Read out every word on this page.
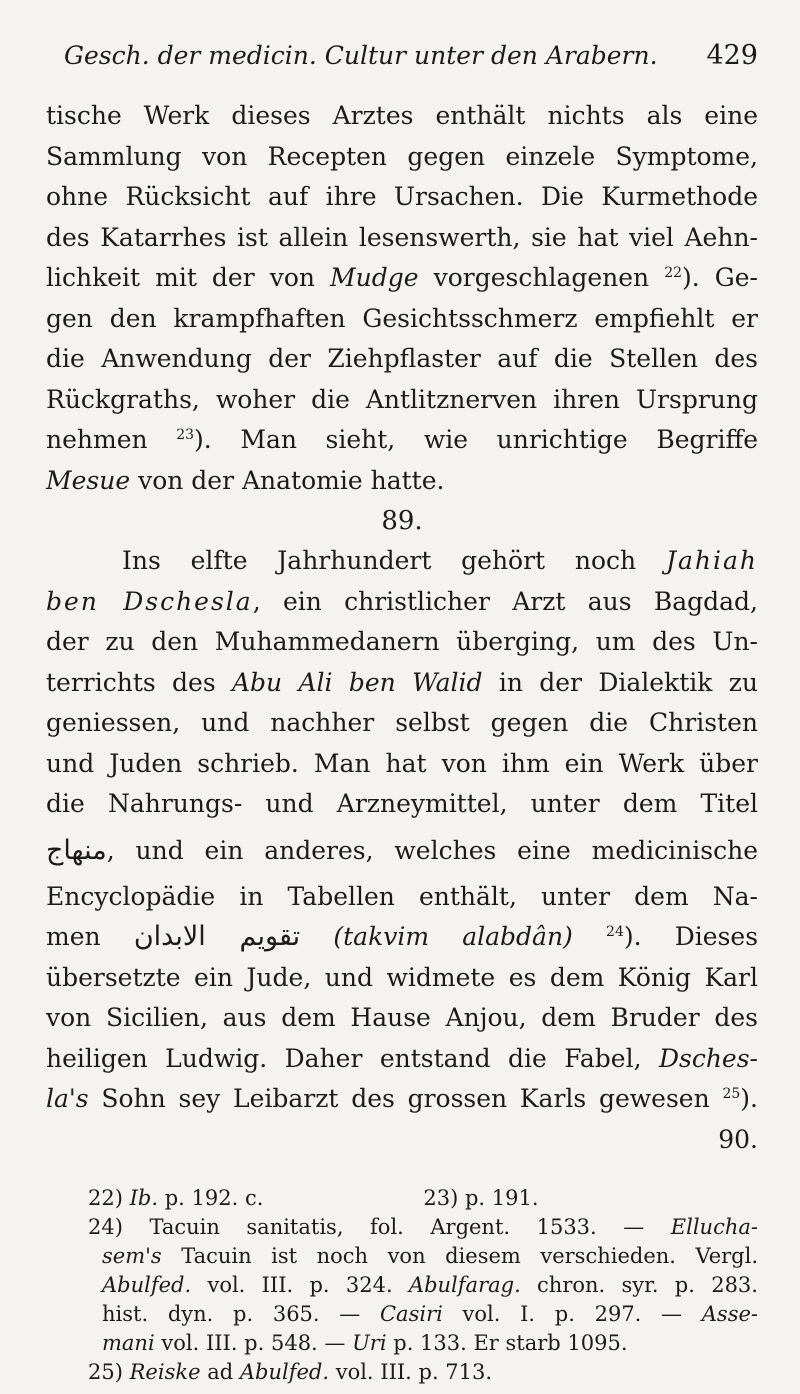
Gesch. der medicin. Cultur unter den Arabern. 429
tische Werk dieses Arztes enthält nichts als eine
Sammlung von Recepten gegen einzele Symptome,
ohne Rücksicht auf ihre Ursachen. Die Kurmethode
des Katarrhes ist allein lesenswerth, sie hat viel Aehn-
lichkeit mit der von Mudge vorgeschlagenen $^{22}$). Ge-
gen den krampfhaften Gesichtsschmerz empfiehlt er
die Anwendung der Ziehpflaster auf die Stellen des
Rückgraths, woher die Antlitznerven ihren Ursprung
nehmen $^{23}$). Man sieht, wie unrichtige Begriffe
Mesue von der Anatomie hatte.
89.
Ins elfte Jahrhundert gehört noch Jahiah
ben Dschesla, ein christlicher Arzt aus Bagdad,
der zu den Muhammedanern überging, um des Un-
terrichts des Abu Ali ben Walid in der Dialektik zu
geniessen, und nachher selbst gegen die Christen
und Juden schrieb. Man hat von ihm ein Werk über
die Nahrungs- und Arzneymittel, unter dem Titel
منهاج, und ein anderes, welches eine medicinische
Encyclopädie in Tabellen enthält, unter dem Na-
men تقويم الابدان (takvim alabdân) $^{24}$). Dieses
übersetzte ein Jude, und widmete es dem König Karl
von Sicilien, aus dem Hause Anjou, dem Bruder des
heiligen Ludwig. Daher entstand die Fabel, Dsches-
la's Sohn sey Leibarzt des grossen Karls gewesen $^{25}$).
90.
22) Ib. p. 192. c.	23) p. 191.
24) Tacuin sanitatis, fol. Argent. 1533. — Ellucha-
sem's Tacuin ist noch von diesem verschieden. Vergl.
Abulfed. vol. III. p. 324. Abulfarag. chron. syr. p. 283.
hist. dyn. p. 365. — Casiri vol. I. p. 297. — Asse-
mani vol. III. p. 548. — Uri p. 133. Er starb 1095.
25) Reiske ad Abulfed. vol. III. p. 713.
